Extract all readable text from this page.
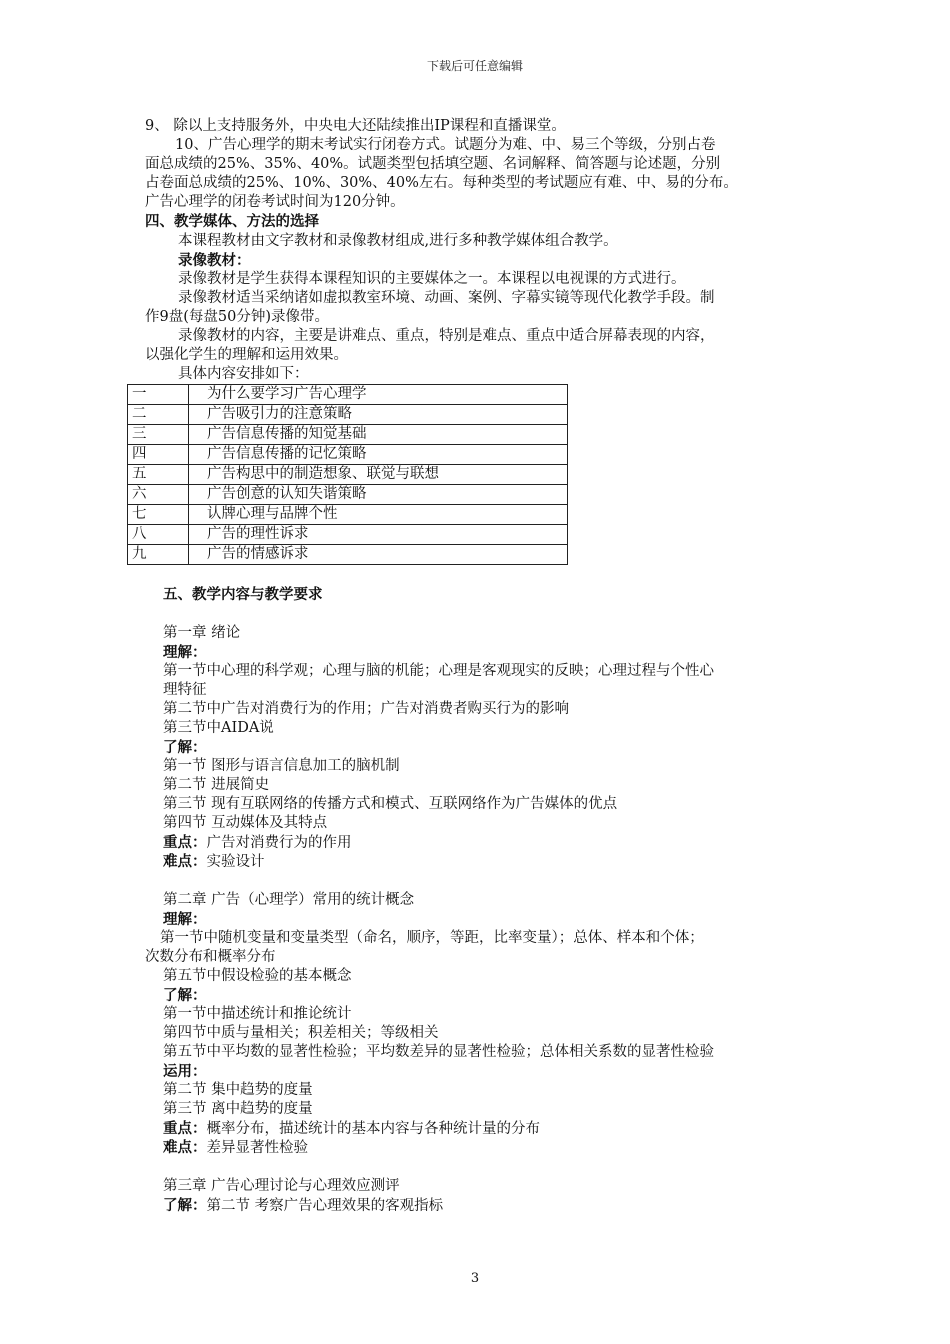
下载后可任意编辑
9、 除以上支持服务外，中央电大还陆续推出IP课程和直播课堂。
10、广告心理学的期末考试实行闭卷方式。试题分为难、中、易三个等级，分别占卷
面总成绩的25%、35%、40%。试题类型包括填空题、名词解释、简答题与论述题，分别
占卷面总成绩的25%、10%、30%、40%左右。每种类型的考试题应有难、中、易的分布。
广告心理学的闭卷考试时间为120分钟。
四、教学媒体、方法的选择
本课程教材由文字教材和录像教材组成,进行多种教学媒体组合教学。
录像教材：
录像教材是学生获得本课程知识的主要媒体之一。本课程以电视课的方式进行。
录像教材适当采纳诸如虚拟教室环境、动画、案例、字幕实镜等现代化教学手段。制
作9盘(每盘50分钟)录像带。
录像教材的内容，主要是讲难点、重点，特别是难点、重点中适合屏幕表现的内容，
以强化学生的理解和运用效果。
具体内容安排如下：
一	为什么要学习广告心理学
二	广告吸引力的注意策略
三	广告信息传播的知觉基础
四	广告信息传播的记忆策略
五	广告构思中的制造想象、联觉与联想
六	广告创意的认知失谐策略
七	认牌心理与品牌个性
八	广告的理性诉求
九	广告的情感诉求
五、教学内容与教学要求
第一章 绪论
理解：
第一节中心理的科学观；心理与脑的机能；心理是客观现实的反映；心理过程与个性心
理特征
第二节中广告对消费行为的作用；广告对消费者购买行为的影响
第三节中AIDA说
了解：
第一节 图形与语言信息加工的脑机制
第二节 进展简史
第三节 现有互联网络的传播方式和模式、互联网络作为广告媒体的优点
第四节 互动媒体及其特点
重点：广告对消费行为的作用
难点：实验设计
第二章 广告（心理学）常用的统计概念
理解：
第一节中随机变量和变量类型（命名，顺序，等距，比率变量）；总体、样本和个体；
次数分布和概率分布
第五节中假设检验的基本概念
了解：
第一节中描述统计和推论统计
第四节中质与量相关；积差相关；等级相关
第五节中平均数的显著性检验；平均数差异的显著性检验；总体相关系数的显著性检验
运用：
第二节 集中趋势的度量
第三节 离中趋势的度量
重点：概率分布，描述统计的基本内容与各种统计量的分布
难点：差异显著性检验
第三章 广告心理讨论与心理效应测评
了解：第二节 考察广告心理效果的客观指标
3
